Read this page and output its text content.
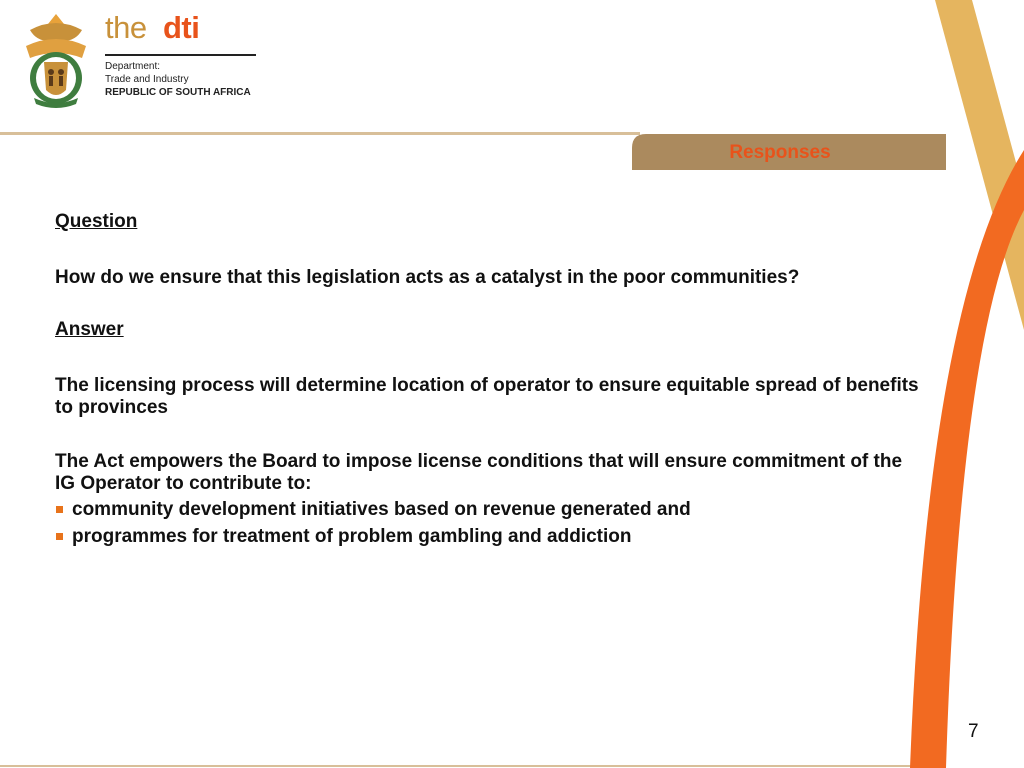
the dti
Department:
Trade and Industry
REPUBLIC OF SOUTH AFRICA
Responses

Question

How do we ensure that this legislation acts as a catalyst in the poor communities?

Answer

The licensing process will determine location of operator to ensure equitable spread of benefits to provinces

The Act empowers the Board to impose license conditions that will ensure commitment of the IG Operator to contribute to:

community development initiatives based on revenue generated and
programmes for treatment of problem gambling and addiction
7
